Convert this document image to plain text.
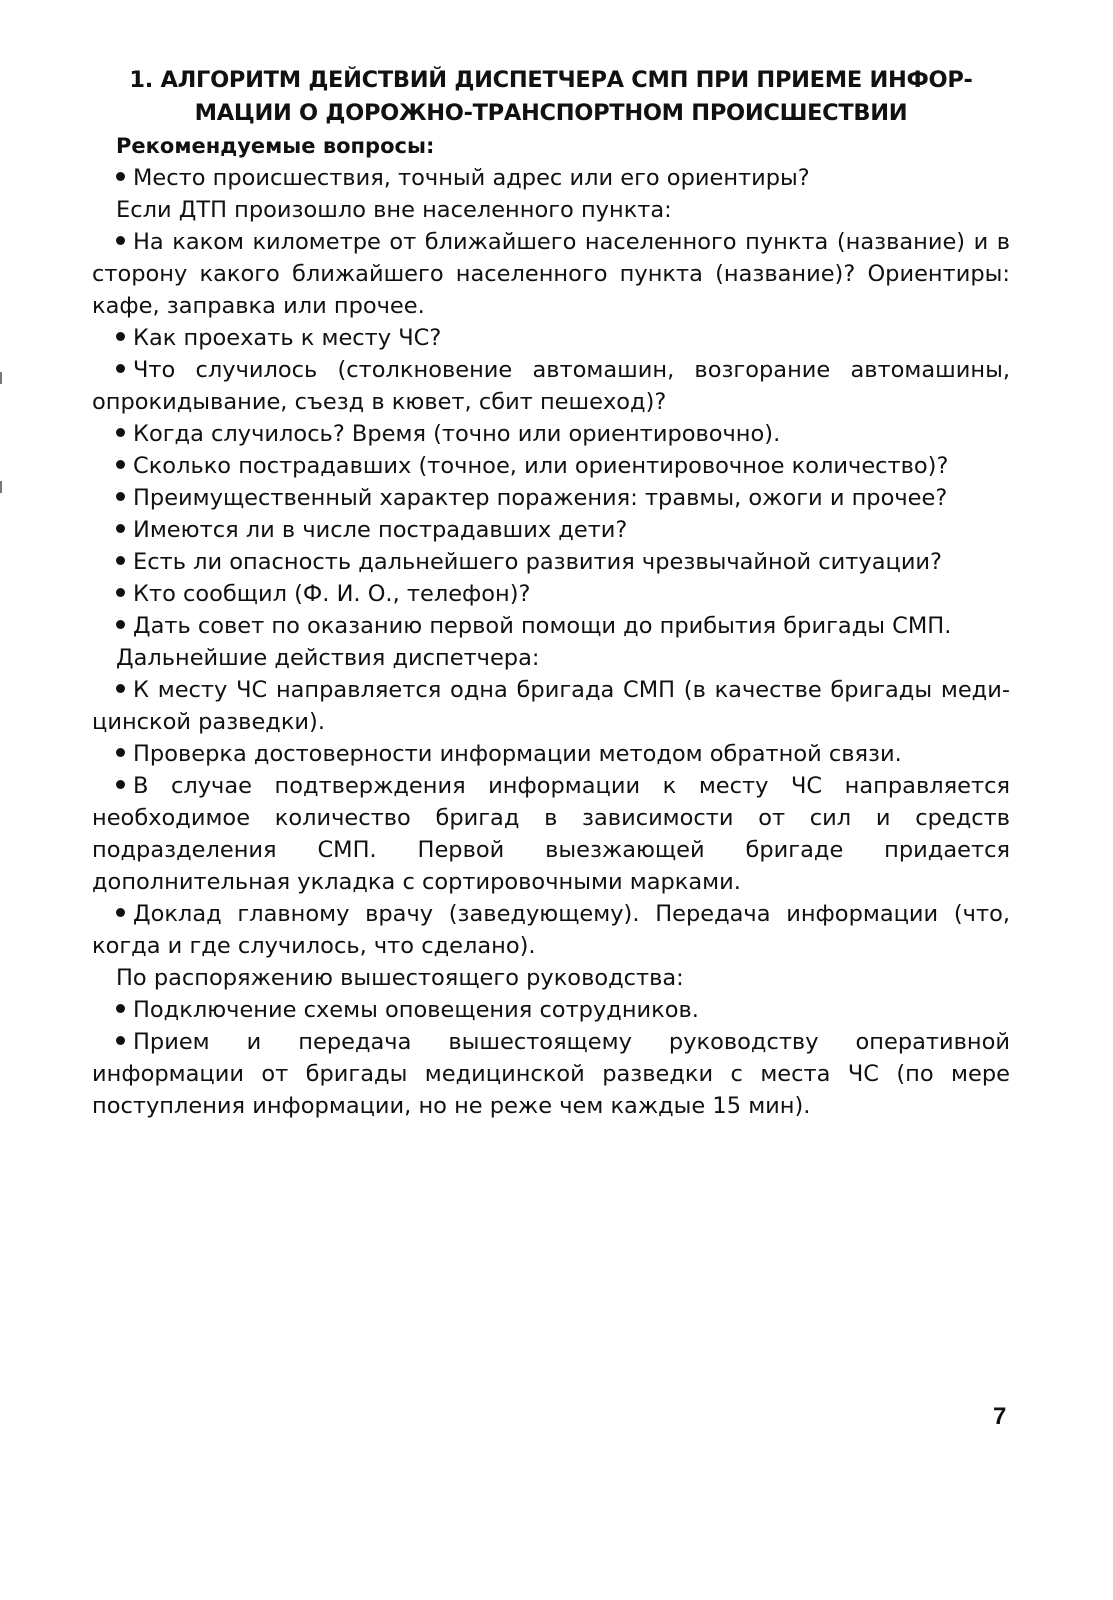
1. АЛГОРИТМ ДЕЙСТВИЙ ДИСПЕТЧЕРА СМП ПРИ ПРИЕМЕ ИНФОР-

МАЦИИ О ДОРОЖНО-ТРАНСПОРТНОМ ПРОИСШЕСТВИИ

Рекомендуемые вопросы:

Место происшествия, точный адрес или его ориентиры?

Если ДТП произошло вне населенного пункта:

На каком километре от ближайшего населенного пункта (название) и в сторону какого ближайшего населенного пункта (название)? Ориентиры: кафе, заправка или прочее.

Как проехать к месту ЧС?

Что случилось (столкновение автомашин, возгорание автомашины, опрокидывание, съезд в кювет, сбит пешеход)?

Когда случилось? Время (точно или ориентировочно).

Сколько пострадавших (точное, или ориентировочное количество)?

Преимущественный характер поражения: травмы, ожоги и прочее?

Имеются ли в числе пострадавших дети?

Есть ли опасность дальнейшего развития чрезвычайной ситуации?

Кто сообщил (Ф. И. О., телефон)?

Дать совет по оказанию первой помощи до прибытия бригады СМП.

Дальнейшие действия диспетчера:

К месту ЧС направляется одна бригада СМП (в качестве бригады медицинской разведки).

Проверка достоверности информации методом обратной связи.

В случае подтверждения информации к месту ЧС направляется необходимое количество бригад в зависимости от сил и средств подразделения СМП. Первой выезжающей бригаде придается дополнительная укладка с сортировочными марками.

Доклад главному врачу (заведующему). Передача информации (что, когда и где случилось, что сделано).

По распоряжению вышестоящего руководства:

Подключение схемы оповещения сотрудников.

Прием и передача вышестоящему руководству оперативной информации от бригады медицинской разведки с места ЧС (по мере поступления информации, но не реже чем каждые 15 мин).

7
